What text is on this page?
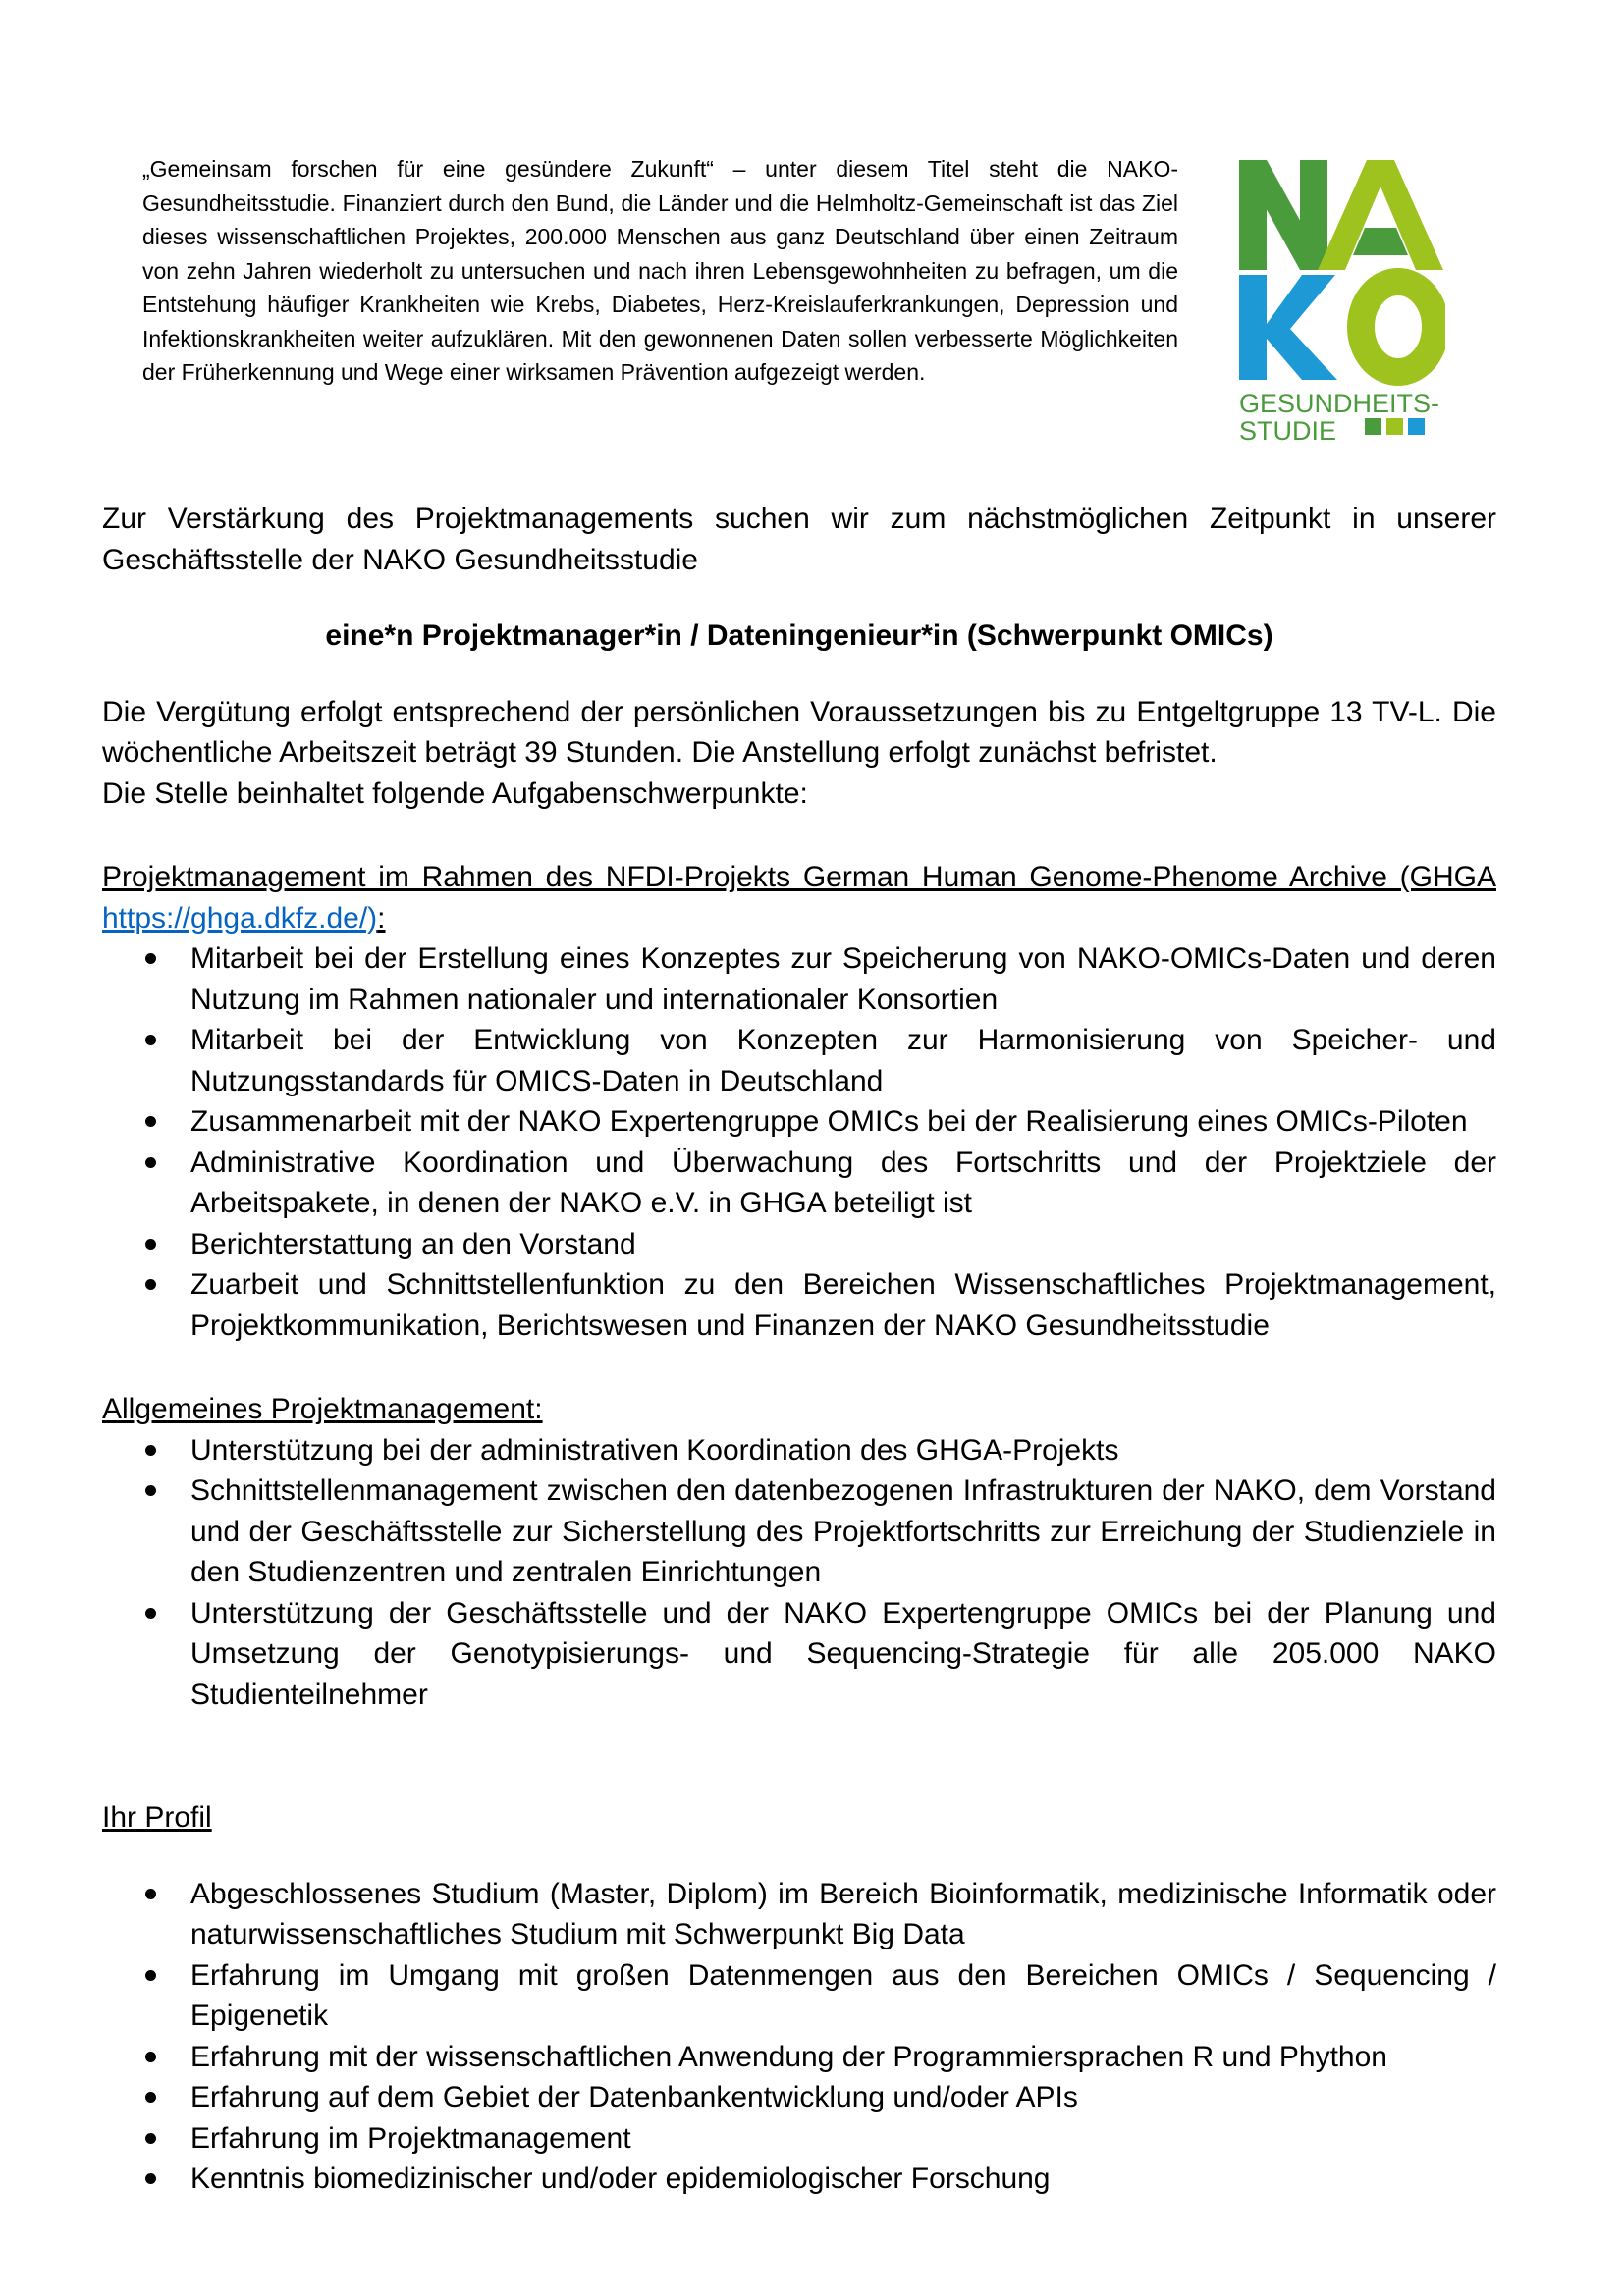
„Gemeinsam forschen für eine gesündere Zukunft“ – unter diesem Titel steht die NAKO-Gesundheitsstudie. Finanziert durch den Bund, die Länder und die Helmholtz-Gemeinschaft ist das Ziel dieses wissenschaftlichen Projektes, 200.000 Menschen aus ganz Deutschland über einen Zeitraum von zehn Jahren wiederholt zu untersuchen und nach ihren Lebensgewohnheiten zu befragen, um die Entstehung häufiger Krankheiten wie Krebs, Diabetes, Herz-Kreislauferkrankungen, Depression und Infektionskrankheiten weiter aufzuklären. Mit den gewonnenen Daten sollen verbesserte Möglichkeiten der Früherkennung und Wege einer wirksamen Prävention aufgezeigt werden.

GESUNDHEITS-
STUDIE

Zur Verstärkung des Projektmanagements suchen wir zum nächstmöglichen Zeitpunkt in unserer Geschäftsstelle der NAKO Gesundheitsstudie

eine*n Projektmanager*in / Dateningenieur*in (Schwerpunkt OMICs)

Die Vergütung erfolgt entsprechend der persönlichen Voraussetzungen bis zu Entgeltgruppe 13 TV-L. Die wöchentliche Arbeitszeit beträgt 39 Stunden. Die Anstellung erfolgt zunächst befristet.

Die Stelle beinhaltet folgende Aufgabenschwerpunkte:

Projektmanagement im Rahmen des NFDI-Projekts German Human Genome-Phenome Archive (GHGA https://ghga.dkfz.de/):

Mitarbeit bei der Erstellung eines Konzeptes zur Speicherung von NAKO-OMICs-Daten und deren Nutzung im Rahmen nationaler und internationaler Konsortien
Mitarbeit bei der Entwicklung von Konzepten zur Harmonisierung von Speicher- und Nutzungsstandards für OMICS-Daten in Deutschland
Zusammenarbeit mit der NAKO Expertengruppe OMICs bei der Realisierung eines OMICs-Piloten
Administrative Koordination und Überwachung des Fortschritts und der Projektziele der Arbeitspakete, in denen der NAKO e.V. in GHGA beteiligt ist
Berichterstattung an den Vorstand
Zuarbeit und Schnittstellenfunktion zu den Bereichen Wissenschaftliches Projektmanagement, Projektkommunikation, Berichtswesen und Finanzen der NAKO Gesundheitsstudie

Allgemeines Projektmanagement:

Unterstützung bei der administrativen Koordination des GHGA-Projekts
Schnittstellenmanagement zwischen den datenbezogenen Infrastrukturen der NAKO, dem Vorstand und der Geschäftsstelle zur Sicherstellung des Projektfortschritts zur Erreichung der Studienziele in den Studienzentren und zentralen Einrichtungen
Unterstützung der Geschäftsstelle und der NAKO Expertengruppe OMICs bei der Planung und Umsetzung der Genotypisierungs- und Sequencing-Strategie für alle 205.000 NAKO Studienteilnehmer

Ihr Profil

Abgeschlossenes Studium (Master, Diplom) im Bereich Bioinformatik, medizinische Informatik oder naturwissenschaftliches Studium mit Schwerpunkt Big Data
Erfahrung im Umgang mit großen Datenmengen aus den Bereichen OMICs / Sequencing / Epigenetik
Erfahrung mit der wissenschaftlichen Anwendung der Programmiersprachen R und Phython
Erfahrung auf dem Gebiet der Datenbankentwicklung und/oder APIs
Erfahrung im Projektmanagement
Kenntnis biomedizinischer und/oder epidemiologischer Forschung
